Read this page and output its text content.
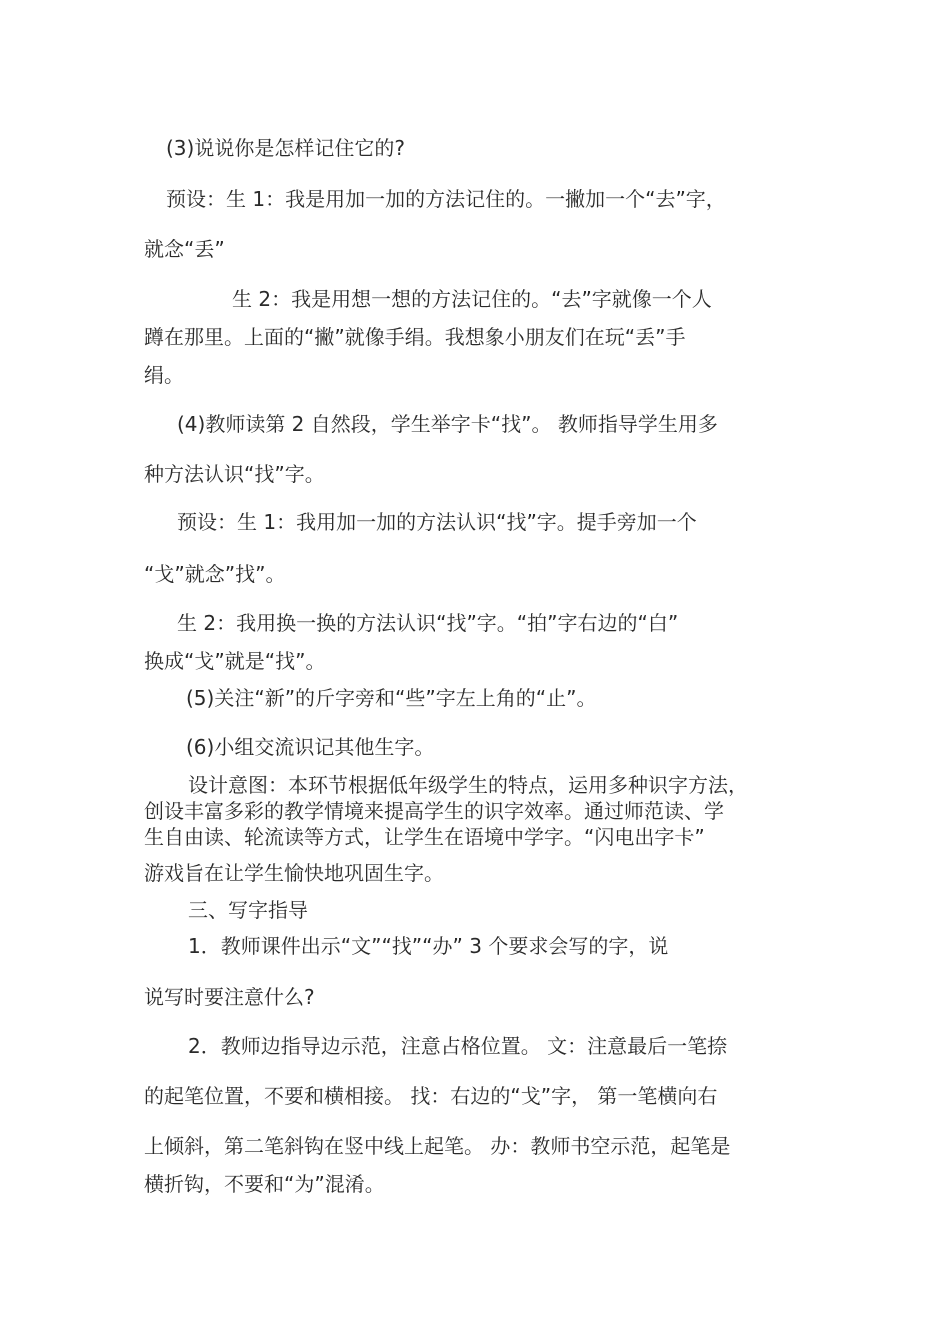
(3)说说你是怎样记住它的?
预设：生 1：我是用加一加的方法记住的。一撇加一个“去”字，
就念“丢”
生 2：我是用想一想的方法记住的。“去”字就像一个人
蹲在那里。上面的“撇”就像手绢。我想象小朋友们在玩“丢”手
绢。
(4)教师读第 2 自然段，学生举字卡“找”。 教师指导学生用多
种方法认识“找”字。
预设：生 1：我用加一加的方法认识“找”字。提手旁加一个
“戈”就念”找”。
生 2：我用换一换的方法认识“找”字。“拍”字右边的“白”
换成“戈”就是“找”。
(5)关注“新”的斤字旁和“些”字左上角的“止”。
(6)小组交流识记其他生字。
设计意图：本环节根据低年级学生的特点，运用多种识字方法，
创设丰富多彩的教学情境来提高学生的识字效率。通过师范读、学
生自由读、轮流读等方式，让学生在语境中学字。“闪电出字卡”
游戏旨在让学生愉快地巩固生字。
三、写字指导
1．教师课件出示“文”“找”“办” 3 个要求会写的字，说
说写时要注意什么?
2．教师边指导边示范，注意占格位置。 文：注意最后一笔捺
的起笔位置，不要和横相接。 找：右边的“戈”字， 第一笔横向右
上倾斜，第二笔斜钩在竖中线上起笔。 办：教师书空示范，起笔是
横折钩，不要和“为”混淆。
